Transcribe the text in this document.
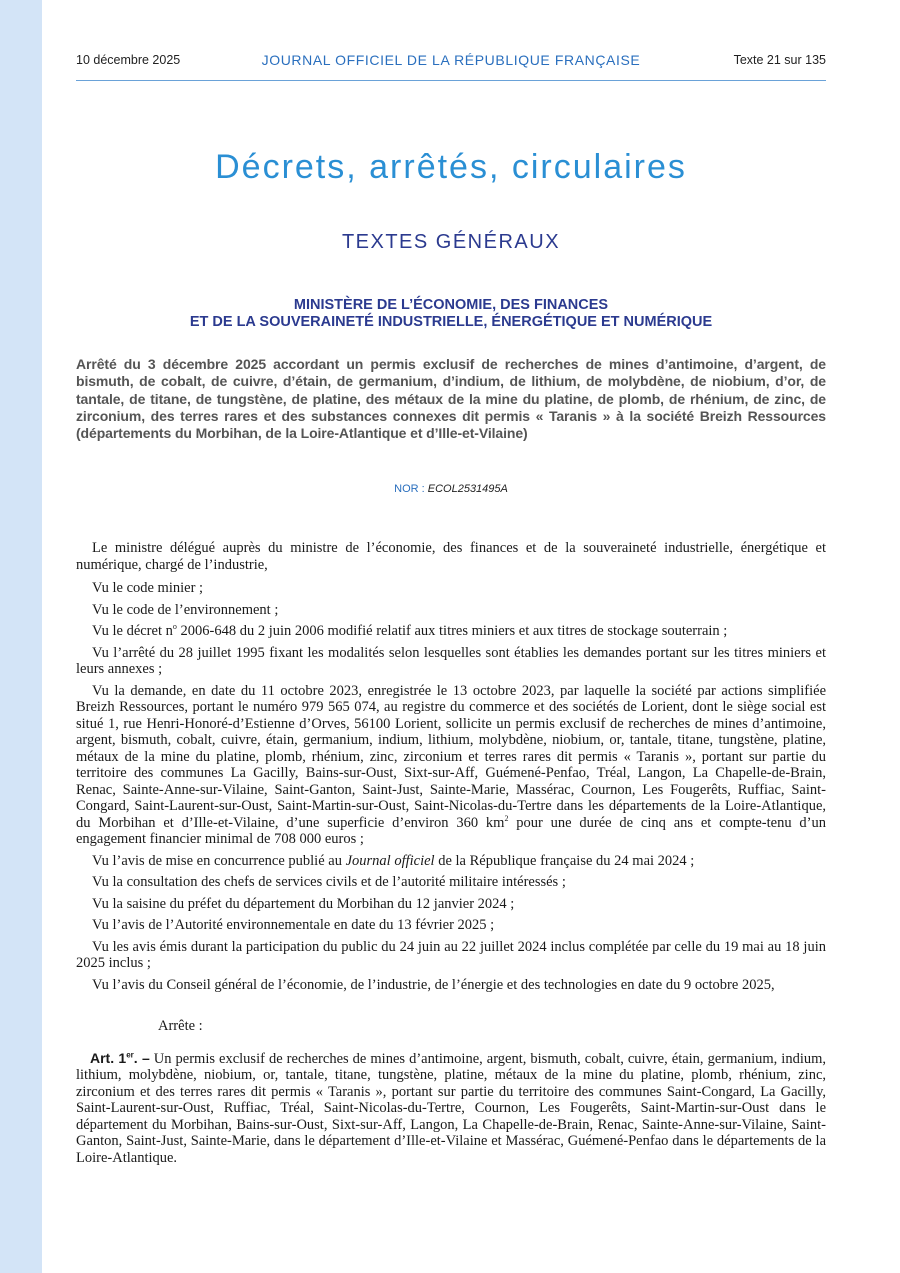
10 décembre 2025	JOURNAL OFFICIEL DE LA RÉPUBLIQUE FRANÇAISE	Texte 21 sur 135
Décrets, arrêtés, circulaires
TEXTES GÉNÉRAUX
MINISTÈRE DE L’ÉCONOMIE, DES FINANCES
ET DE LA SOUVERAINETÉ INDUSTRIELLE, ÉNERGÉTIQUE ET NUMÉRIQUE

Arrêté du 3 décembre 2025 accordant un permis exclusif de recherches de mines d’antimoine, d’argent, de bismuth, de cobalt, de cuivre, d’étain, de germanium, d’indium, de lithium, de molybdène, de niobium, d’or, de tantale, de titane, de tungstène, de platine, des métaux de la mine du platine, de plomb, de rhénium, de zinc, de zirconium, des terres rares et des substances connexes dit permis « Taranis » à la société Breizh Ressources (départements du Morbihan, de la Loire-Atlantique et d’Ille-et-Vilaine)

NOR : ECOL2531495A

Le ministre délégué auprès du ministre de l’économie, des finances et de la souveraineté industrielle, énergétique et numérique, chargé de l’industrie,

Vu le code minier ;

Vu le code de l’environnement ;

Vu le décret $n^o$ 2006-648 du 2 juin 2006 modifié relatif aux titres miniers et aux titres de stockage souterrain ;

Vu l’arrêté du 28 juillet 1995 fixant les modalités selon lesquelles sont établies les demandes portant sur les titres miniers et leurs annexes ;

Vu la demande, en date du 11 octobre 2023, enregistrée le 13 octobre 2023, par laquelle la société par actions simplifiée Breizh Ressources, portant le numéro 979 565 074, au registre du commerce et des sociétés de Lorient, dont le siège social est situé 1, rue Henri-Honoré-d’Estienne d’Orves, 56100 Lorient, sollicite un permis exclusif de recherches de mines d’antimoine, argent, bismuth, cobalt, cuivre, étain, germanium, indium, lithium, molybdène, niobium, or, tantale, titane, tungstène, platine, métaux de la mine du platine, plomb, rhénium, zinc, zirconium et terres rares dit permis « Taranis », portant sur partie du territoire des communes La Gacilly, Bains-sur-Oust, Sixt-sur-Aff, Guémené-Penfao, Tréal, Langon, La Chapelle-de-Brain, Renac, Sainte-Anne-sur-Vilaine, Saint-Ganton, Saint-Just, Sainte-Marie, Massérac, Cournon, Les Fougerêts, Ruffiac, Saint-Congard, Saint-Laurent-sur-Oust, Saint-Martin-sur-Oust, Saint-Nicolas-du-Tertre dans les départements de la Loire-Atlantique, du Morbihan et d’Ille-et-Vilaine, d’une superficie d’environ 360 $km^2$ pour une durée de cinq ans et compte-tenu d’un engagement financier minimal de 708 000 euros ;

Vu l’avis de mise en concurrence publié au Journal officiel de la République française du 24 mai 2024 ;

Vu la consultation des chefs de services civils et de l’autorité militaire intéressés ;

Vu la saisine du préfet du département du Morbihan du 12 janvier 2024 ;

Vu l’avis de l’Autorité environnementale en date du 13 février 2025 ;

Vu les avis émis durant la participation du public du 24 juin au 22 juillet 2024 inclus complétée par celle du 19 mai au 18 juin 2025 inclus ;

Vu l’avis du Conseil général de l’économie, de l’industrie, de l’énergie et des technologies en date du 9 octobre 2025,

Arrête :

Art. 1er. – Un permis exclusif de recherches de mines d’antimoine, argent, bismuth, cobalt, cuivre, étain, germanium, indium, lithium, molybdène, niobium, or, tantale, titane, tungstène, platine, métaux de la mine du platine, plomb, rhénium, zinc, zirconium et des terres rares dit permis « Taranis », portant sur partie du territoire des communes Saint-Congard, La Gacilly, Saint-Laurent-sur-Oust, Ruffiac, Tréal, Saint-Nicolas-du-Tertre, Cournon, Les Fougerêts, Saint-Martin-sur-Oust dans le département du Morbihan, Bains-sur-Oust, Sixt-sur-Aff, Langon, La Chapelle-de-Brain, Renac, Sainte-Anne-sur-Vilaine, Saint-Ganton, Saint-Just, Sainte-Marie, dans le département d’Ille-et-Vilaine et Massérac, Guémené-Penfao dans le départements de la Loire-Atlantique.
